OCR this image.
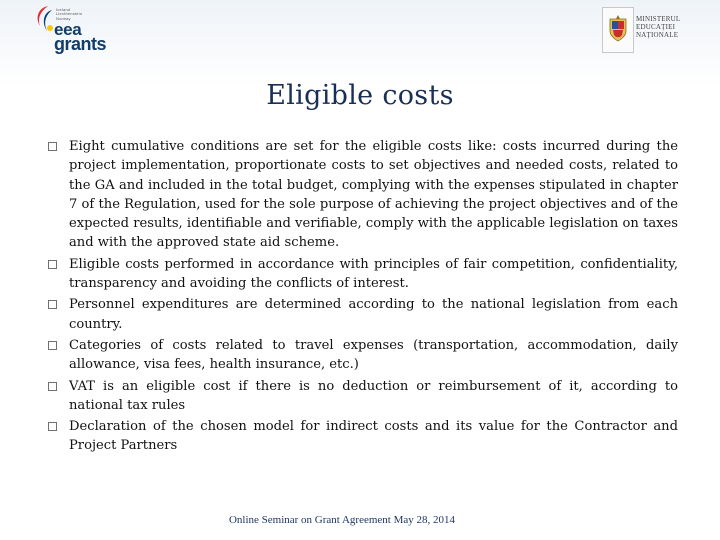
Iceland
Liechtenstein
Norway
eea
grants
MINISTERUL
EDUCAȚIEI
NAȚIONALE
Eligible costs
Eight cumulative conditions are set for the eligible costs like: costs incurred during the project implementation, proportionate costs to set objectives and needed costs, related to the GA and included in the total budget, complying with the expenses stipulated in chapter 7 of the Regulation, used for the sole purpose of achieving the project objectives and of the expected results, identifiable and verifiable, comply with the applicable legislation on taxes and with the approved state aid scheme.
Eligible costs performed in accordance with principles of fair competition, confidentiality, transparency and avoiding the conflicts of interest.
Personnel expenditures are determined according to the national legislation from each country.
Categories of costs related to travel expenses (transportation, accommodation, daily allowance, visa fees, health insurance, etc.)
VAT is an eligible cost if there is no deduction or reimbursement of it, according to national tax rules
Declaration of the chosen model for indirect costs and its value for the Contractor and Project Partners
Online Seminar on Grant Agreement May 28, 2014
